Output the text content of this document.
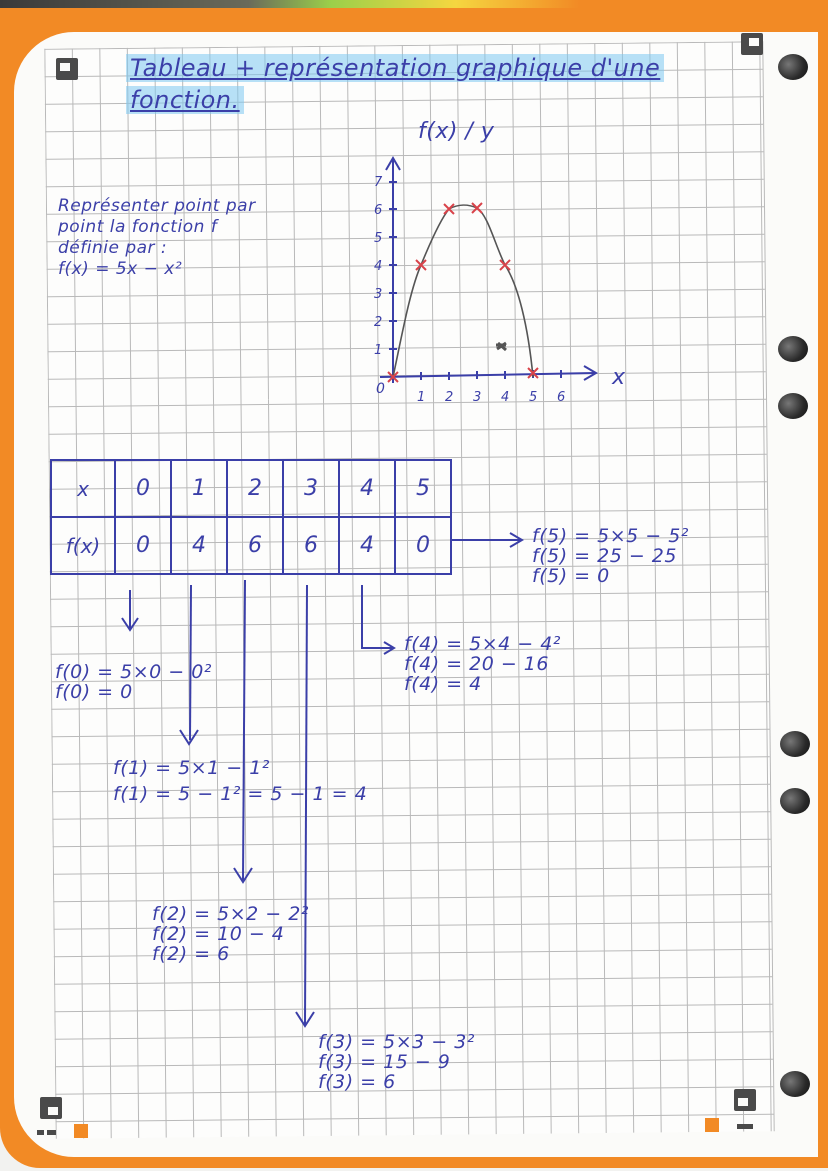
Tableau + représentation graphique d'une
fonction.
Représenter point par
point la fonction f
définie par :
f(x) = 5x − x²
f(x) / y
x
0
1
2
3
4
5
6
7
1 2 3 4 5 6
x	0	1	2	3	4	5
f(x)	0	4	6	6	4	0
f(0) = 5×0 − 0²
f(0) = 0
f(1) = 5×1 − 1²
f(1) = 5 − 1² = 5 − 1 = 4
f(2) = 5×2 − 2²
f(2) = 10 − 4
f(2) = 6
f(3) = 5×3 − 3²
f(3) = 15 − 9
f(3) = 6
f(4) = 5×4 − 4²
f(4) = 20 − 16
f(4) = 4
f(5) = 5×5 − 5²
f(5) = 25 − 25
f(5) = 0
